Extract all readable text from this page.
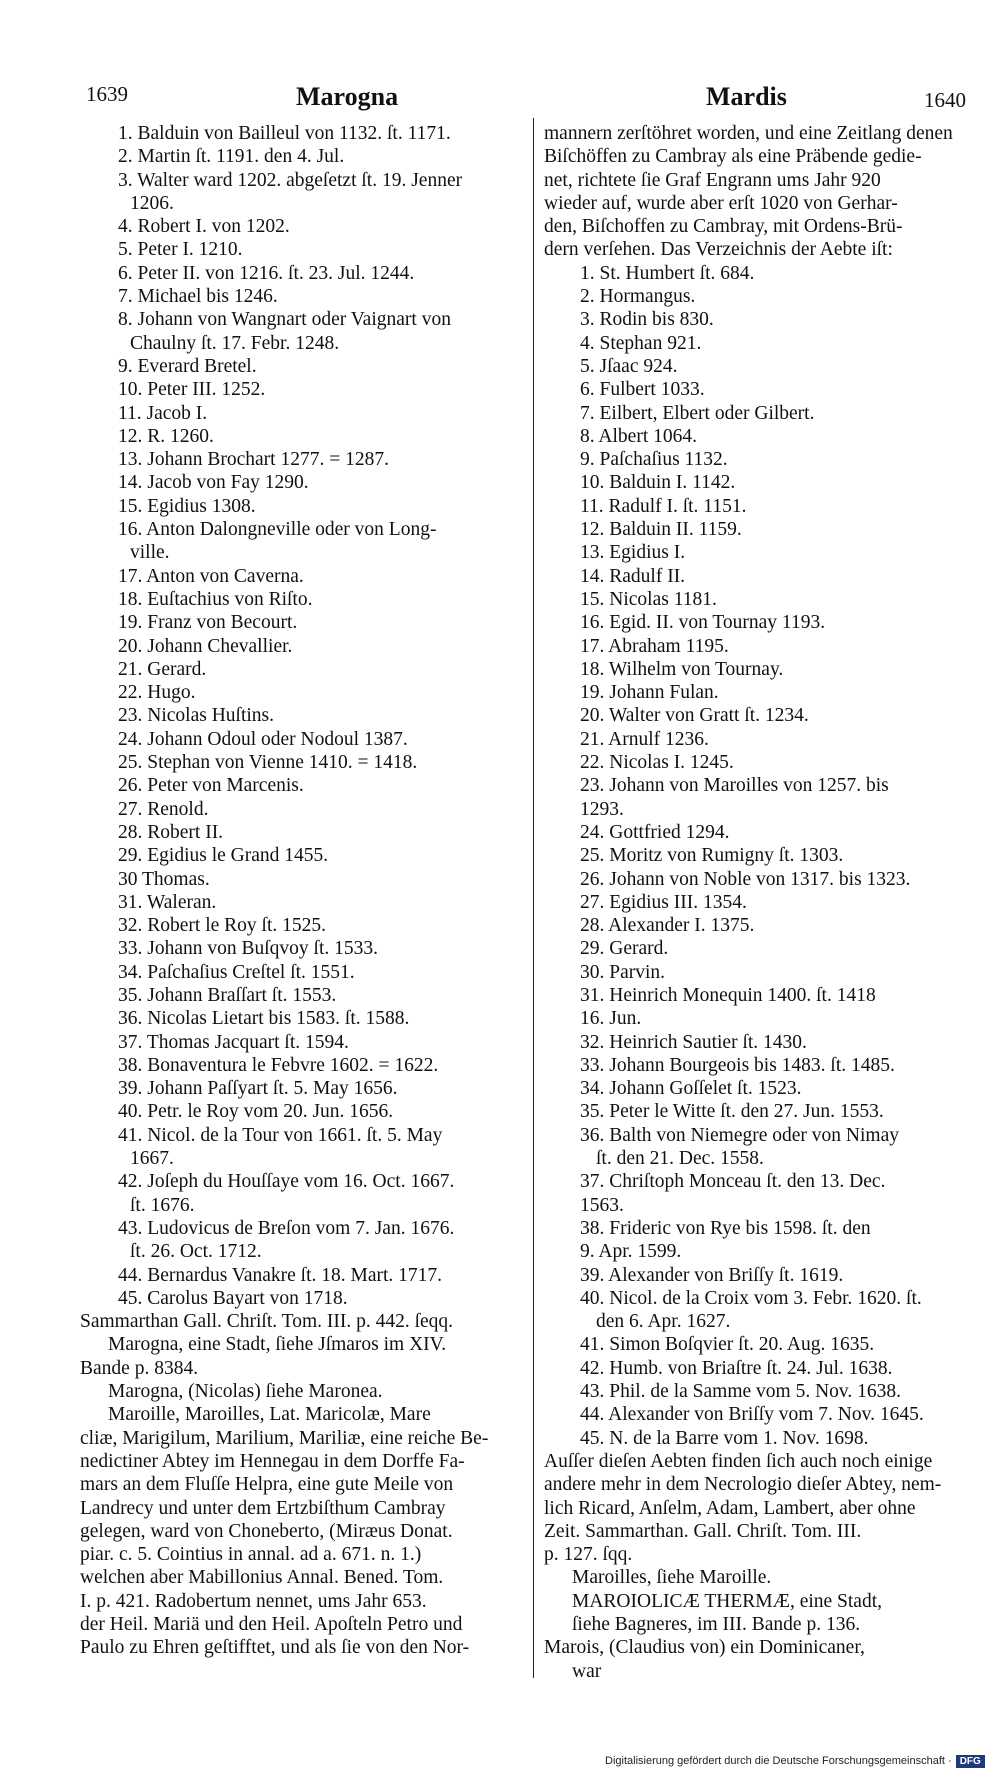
1639	Marogna	Mardis	1640
1. Balduin von Bailleul von 1132. ſt. 1171.
2. Martin ſt. 1191. den 4. Jul.
3. Walter ward 1202. abgeſetzt ſt. 19. Jenner
1206.
4. Robert I. von 1202.
5. Peter I. 1210.
6. Peter II. von 1216. ſt. 23. Jul. 1244.
7. Michael bis 1246.
8. Johann von Wangnart oder Vaignart von
Chaulny ſt. 17. Febr. 1248.
9. Everard Bretel.
10. Peter III. 1252.
11. Jacob I.
12. R. 1260.
13. Johann Brochart 1277. = 1287.
14. Jacob von Fay 1290.
15. Egidius 1308.
16. Anton Dalongneville oder von Long-
ville.
17. Anton von Caverna.
18. Euſtachius von Riſto.
19. Franz von Becourt.
20. Johann Chevallier.
21. Gerard.
22. Hugo.
23. Nicolas Huſtins.
24. Johann Odoul oder Nodoul 1387.
25. Stephan von Vienne 1410. = 1418.
26. Peter von Marcenis.
27. Renold.
28. Robert II.
29. Egidius le Grand 1455.
30 Thomas.
31. Waleran.
32. Robert le Roy ſt. 1525.
33. Johann von Buſqvoy ſt. 1533.
34. Paſchaſius Creſtel ſt. 1551.
35. Johann Braſſart ſt. 1553.
36. Nicolas Lietart bis 1583. ſt. 1588.
37. Thomas Jacquart ſt. 1594.
38. Bonaventura le Febvre 1602. = 1622.
39. Johann Paſſyart ſt. 5. May 1656.
40. Petr. le Roy vom 20. Jun. 1656.
41. Nicol. de la Tour von 1661. ſt. 5. May
1667.
42. Joſeph du Houſſaye vom 16. Oct. 1667.
ſt. 1676.
43. Ludovicus de Breſon vom 7. Jan. 1676.
ſt. 26. Oct. 1712.
44. Bernardus Vanakre ſt. 18. Mart. 1717.
45. Carolus Bayart von 1718.
Sammarthan Gall. Chriſt. Tom. III. p. 442. ſeqq.
Marogna, eine Stadt, ſiehe Jſmaros im XIV.
Bande p. 8384.
Marogna, (Nicolas) ſiehe Maronea.
Maroille, Maroilles, Lat. Maricolæ, Mare
cliæ, Marigilum, Marilium, Mariliæ, eine reiche Be-
nedictiner Abtey im Hennegau in dem Dorffe Fa-
mars an dem Fluſſe Helpra, eine gute Meile von
Landrecy und unter dem Ertzbiſthum Cambray
gelegen, ward von Choneberto, (Miræus Donat.
piar. c. 5. Cointius in annal. ad a. 671. n. 1.)
welchen aber Mabillonius Annal. Bened. Tom.
I. p. 421. Radobertum nennet, ums Jahr 653.
der Heil. Mariä und den Heil. Apoſteln Petro und
Paulo zu Ehren geſtifftet, und als ſie von den Nor-
mannern zerſtöhret worden, und eine Zeitlang denen
Biſchöffen zu Cambray als eine Präbende gedie-
net, richtete ſie Graf Engrann ums Jahr 920
wieder auf, wurde aber erſt 1020 von Gerhar-
den, Biſchoffen zu Cambray, mit Ordens-Brü-
dern verſehen. Das Verzeichnis der Aebte iſt:
1. St. Humbert ſt. 684.
2. Hormangus.
3. Rodin bis 830.
4. Stephan 921.
5. Jſaac 924.
6. Fulbert 1033.
7. Eilbert, Elbert oder Gilbert.
8. Albert 1064.
9. Paſchaſius 1132.
10. Balduin I. 1142.
11. Radulf I. ſt. 1151.
12. Balduin II. 1159.
13. Egidius I.
14. Radulf II.
15. Nicolas 1181.
16. Egid. II. von Tournay 1193.
17. Abraham 1195.
18. Wilhelm von Tournay.
19. Johann Fulan.
20. Walter von Gratt ſt. 1234.
21. Arnulf 1236.
22. Nicolas I. 1245.
23. Johann von Maroilles von 1257. bis
1293.
24. Gottfried 1294.
25. Moritz von Rumigny ſt. 1303.
26. Johann von Noble von 1317. bis 1323.
27. Egidius III. 1354.
28. Alexander I. 1375.
29. Gerard.
30. Parvin.
31. Heinrich Monequin 1400. ſt. 1418
16. Jun.
32. Heinrich Sautier ſt. 1430.
33. Johann Bourgeois bis 1483. ſt. 1485.
34. Johann Goſſelet ſt. 1523.
35. Peter le Witte ſt. den 27. Jun. 1553.
36. Balth von Niemegre oder von Nimay
ſt. den 21. Dec. 1558.
37. Chriſtoph Monceau ſt. den 13. Dec.
1563.
38. Frideric von Rye bis 1598. ſt. den
9. Apr. 1599.
39. Alexander von Briſſy ſt. 1619.
40. Nicol. de la Croix vom 3. Febr. 1620. ſt.
den 6. Apr. 1627.
41. Simon Boſqvier ſt. 20. Aug. 1635.
42. Humb. von Briaſtre ſt. 24. Jul. 1638.
43. Phil. de la Samme vom 5. Nov. 1638.
44. Alexander von Briſſy vom 7. Nov. 1645.
45. N. de la Barre vom 1. Nov. 1698.
Auſſer dieſen Aebten finden ſich auch noch einige
andere mehr in dem Necrologio dieſer Abtey, nem-
lich Ricard, Anſelm, Adam, Lambert, aber ohne
Zeit. Sammarthan. Gall. Chriſt. Tom. III.
p. 127. ſqq.
Maroilles, ſiehe Maroille.
MAROIOLICÆ THERMÆ, eine Stadt,
ſiehe Bagneres, im III. Bande p. 136.
Marois, (Claudius von) ein Dominicaner,
war
Digitalisierung gefördert durch die Deutsche Forschungsgemeinschaft · DFG
